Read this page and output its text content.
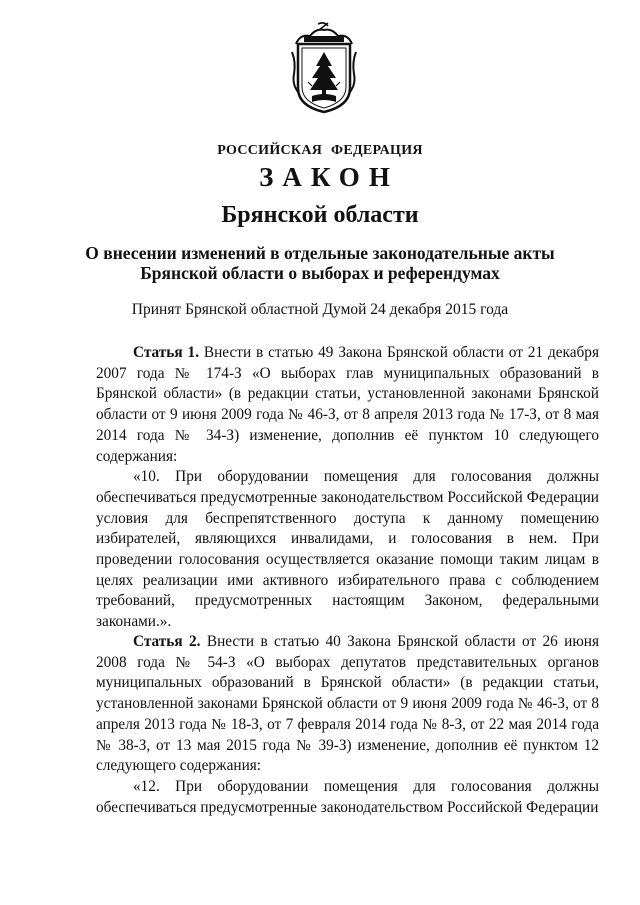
РОССИЙСКАЯ ФЕДЕРАЦИЯ
ЗАКОН
Брянской области
О внесении изменений в отдельные законодательные акты
Брянской области о выборах и референдумах
Принят Брянской областной Думой 24 декабря 2015 года

Статья 1. Внести в статью 49 Закона Брянской области от 21 декабря 2007 года № 174-З «О выборах глав муниципальных образований в Брянской области» (в редакции статьи, установленной законами Брянской области от 9 июня 2009 года № 46-З, от 8 апреля 2013 года № 17-З, от 8 мая 2014 года № 34-З) изменение, дополнив её пунктом 10 следующего содержания:

«10. При оборудовании помещения для голосования должны обеспечиваться предусмотренные законодательством Российской Федерации условия для беспрепятственного доступа к данному помещению избирателей, являющихся инвалидами, и голосования в нем. При проведении голосования осуществляется оказание помощи таким лицам в целях реализации ими активного избирательного права с соблюдением требований, предусмотренных настоящим Законом, федеральными законами.».

Статья 2. Внести в статью 40 Закона Брянской области от 26 июня 2008 года № 54-З «О выборах депутатов представительных органов муниципальных образований в Брянской области» (в редакции статьи, установленной законами Брянской области от 9 июня 2009 года № 46-З, от 8 апреля 2013 года № 18-З, от 7 февраля 2014 года № 8-З, от 22 мая 2014 года № 38-З, от 13 мая 2015 года № 39-З) изменение, дополнив её пунктом 12 следующего содержания:

«12. При оборудовании помещения для голосования должны обеспечиваться предусмотренные законодательством Российской Федерации
